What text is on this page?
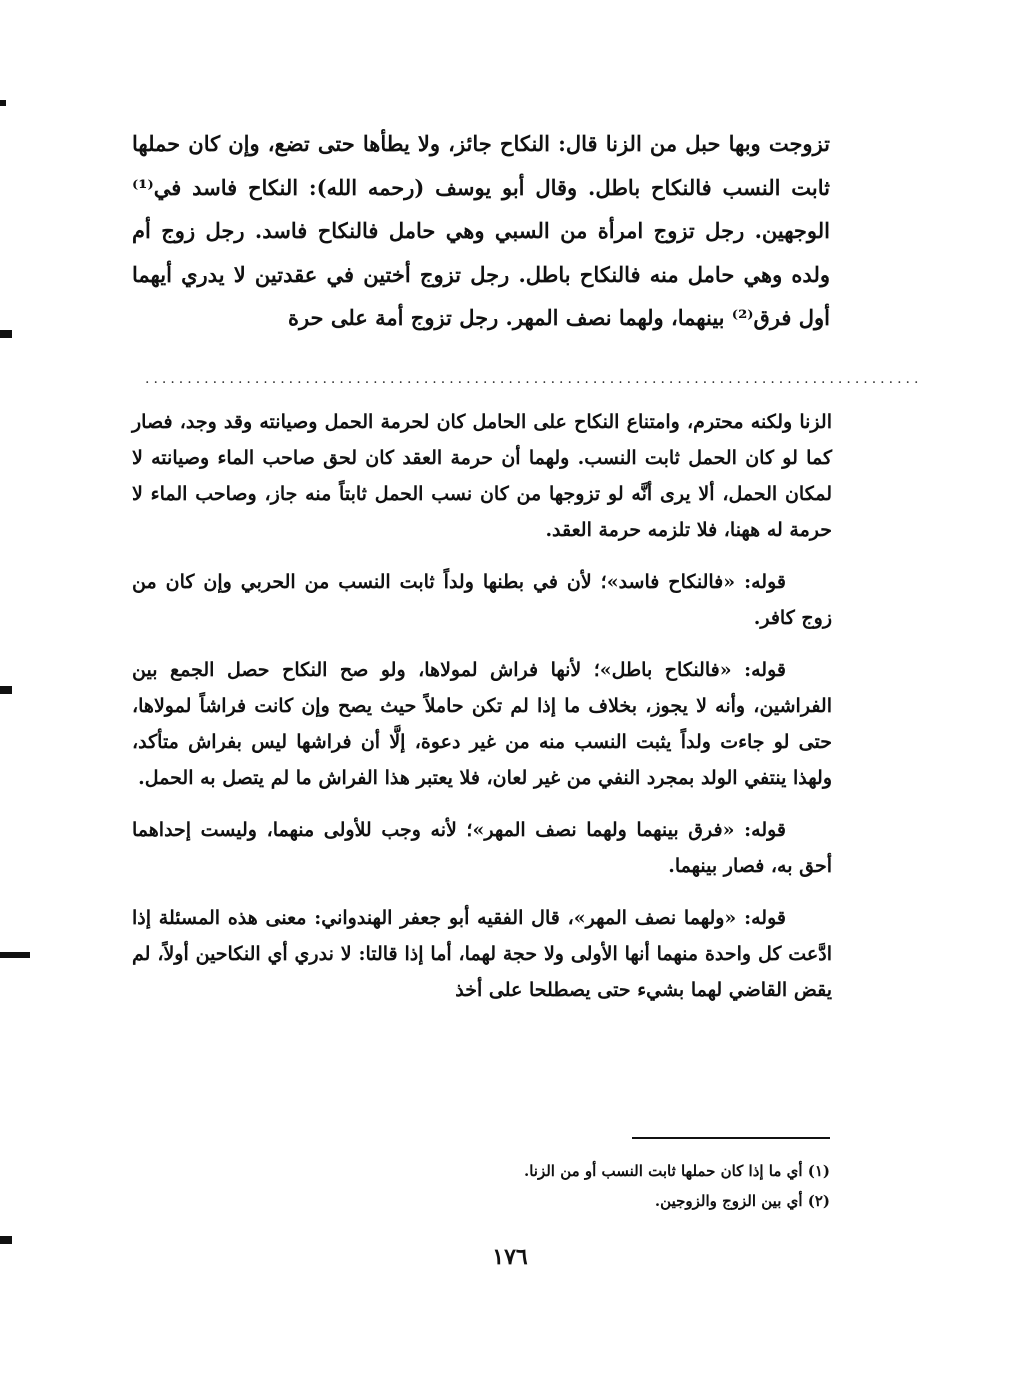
تزوجت وبها حبل من الزنا قال: النكاح جائز، ولا يطأها حتى تضع، وإن كان حملها ثابت النسب فالنكاح باطل. وقال أبو يوسف (رحمه الله): النكاح فاسد في⁽¹⁾ الوجهين. رجل تزوج امرأة من السبي وهي حامل فالنكاح فاسد. رجل زوج أم ولده وهي حامل منه فالنكاح باطل. رجل تزوج أختين في عقدتين لا يدري أيهما أول فرق⁽²⁾ بينهما، ولهما نصف المهر. رجل تزوج أمة على حرة

............................................................................................

الزنا ولكنه محترم، وامتناع النكاح على الحامل كان لحرمة الحمل وصيانته وقد وجد، فصار كما لو كان الحمل ثابت النسب. ولهما أن حرمة العقد كان لحق صاحب الماء وصيانته لا لمكان الحمل، ألا يرى أنَّه لو تزوجها من كان نسب الحمل ثابتاً منه جاز، وصاحب الماء لا حرمة له ههنا، فلا تلزمه حرمة العقد.

قوله: «فالنكاح فاسد»؛ لأن في بطنها ولداً ثابت النسب من الحربي وإن كان من زوج كافر.

قوله: «فالنكاح باطل»؛ لأنها فراش لمولاها، ولو صح النكاح حصل الجمع بين الفراشين، وأنه لا يجوز، بخلاف ما إذا لم تكن حاملاً حيث يصح وإن كانت فراشاً لمولاها، حتى لو جاءت ولداً يثبت النسب منه من غير دعوة، إلَّا أن فراشها ليس بفراش متأكد، ولهذا ينتفي الولد بمجرد النفي من غير لعان، فلا يعتبر هذا الفراش ما لم يتصل به الحمل.

قوله: «فرق بينهما ولهما نصف المهر»؛ لأنه وجب للأولى منهما، وليست إحداهما أحق به، فصار بينهما.

قوله: «ولهما نصف المهر»، قال الفقيه أبو جعفر الهندواني: معنى هذه المسئلة إذا ادَّعت كل واحدة منهما أنها الأولى ولا حجة لهما، أما إذا قالتا: لا ندري أي النكاحين أولاً، لم يقض القاضي لهما بشيء حتى يصطلحا على أخذ

(١) أي ما إذا كان حملها ثابت النسب أو من الزنا.

(٢) أي بين الزوج والزوجين.

١٧٦
